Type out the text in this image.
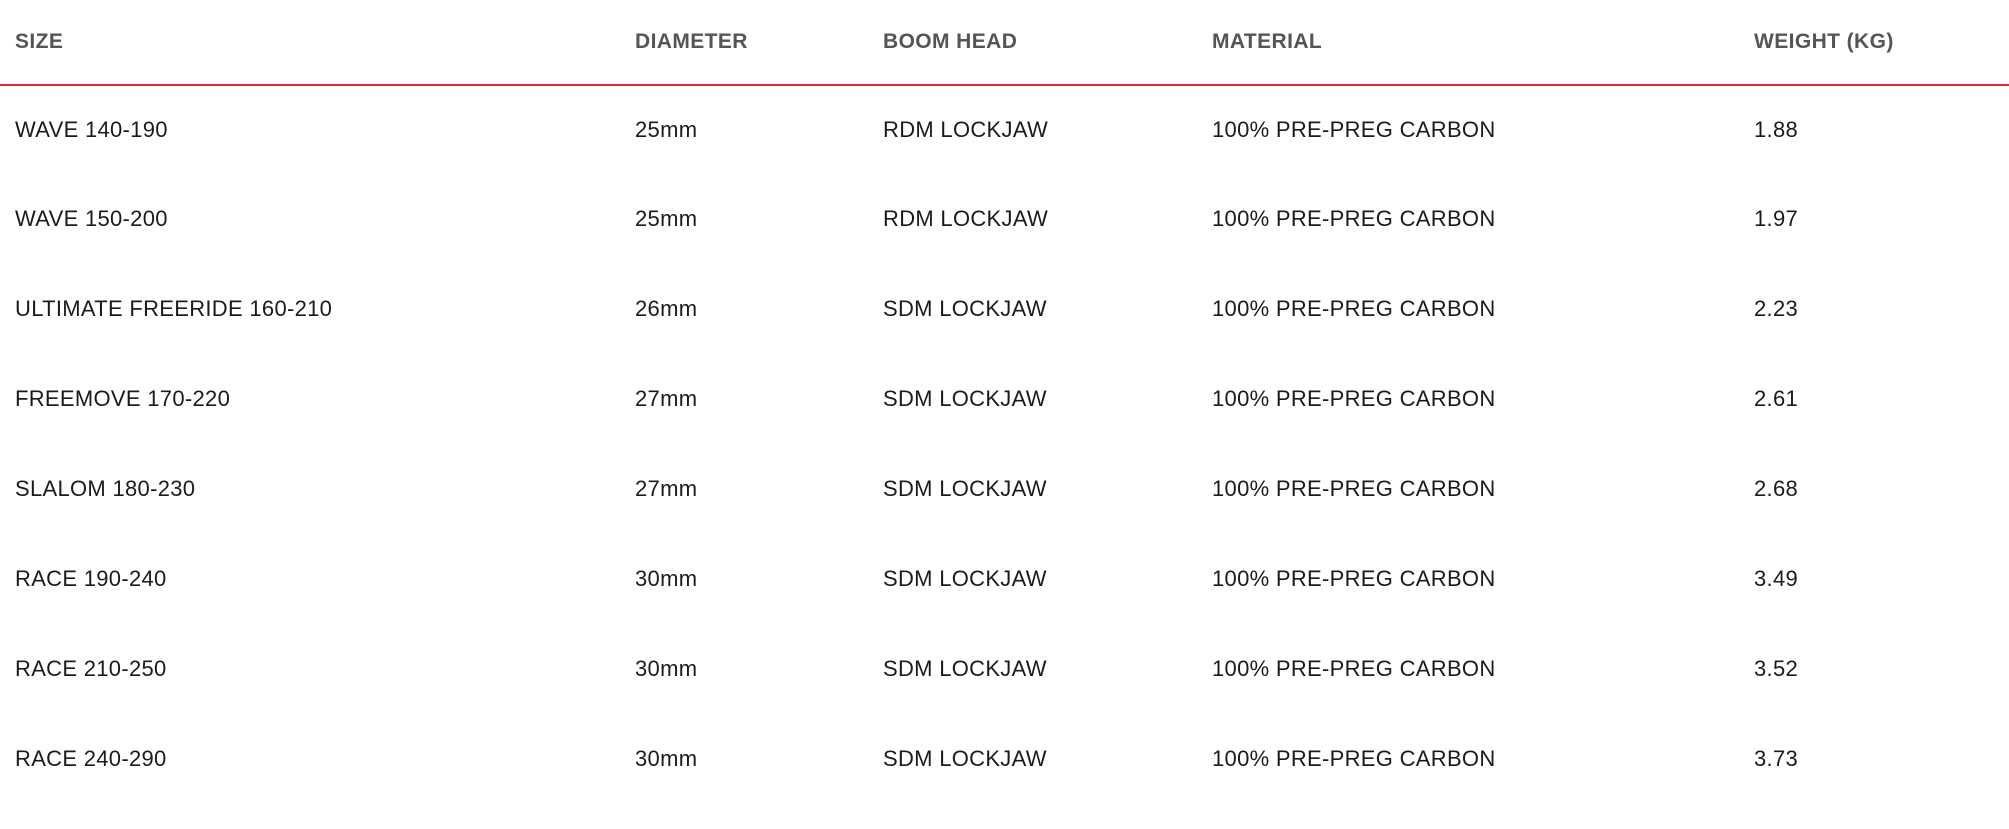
SIZE	DIAMETER	BOOM HEAD	MATERIAL	WEIGHT (KG)
WAVE 140-190	25mm	RDM LOCKJAW	100% PRE-PREG CARBON	1.88
WAVE 150-200	25mm	RDM LOCKJAW	100% PRE-PREG CARBON	1.97
ULTIMATE FREERIDE 160-210	26mm	SDM LOCKJAW	100% PRE-PREG CARBON	2.23
FREEMOVE 170-220	27mm	SDM LOCKJAW	100% PRE-PREG CARBON	2.61
SLALOM 180-230	27mm	SDM LOCKJAW	100% PRE-PREG CARBON	2.68
RACE 190-240	30mm	SDM LOCKJAW	100% PRE-PREG CARBON	3.49
RACE 210-250	30mm	SDM LOCKJAW	100% PRE-PREG CARBON	3.52
RACE 240-290	30mm	SDM LOCKJAW	100% PRE-PREG CARBON	3.73
